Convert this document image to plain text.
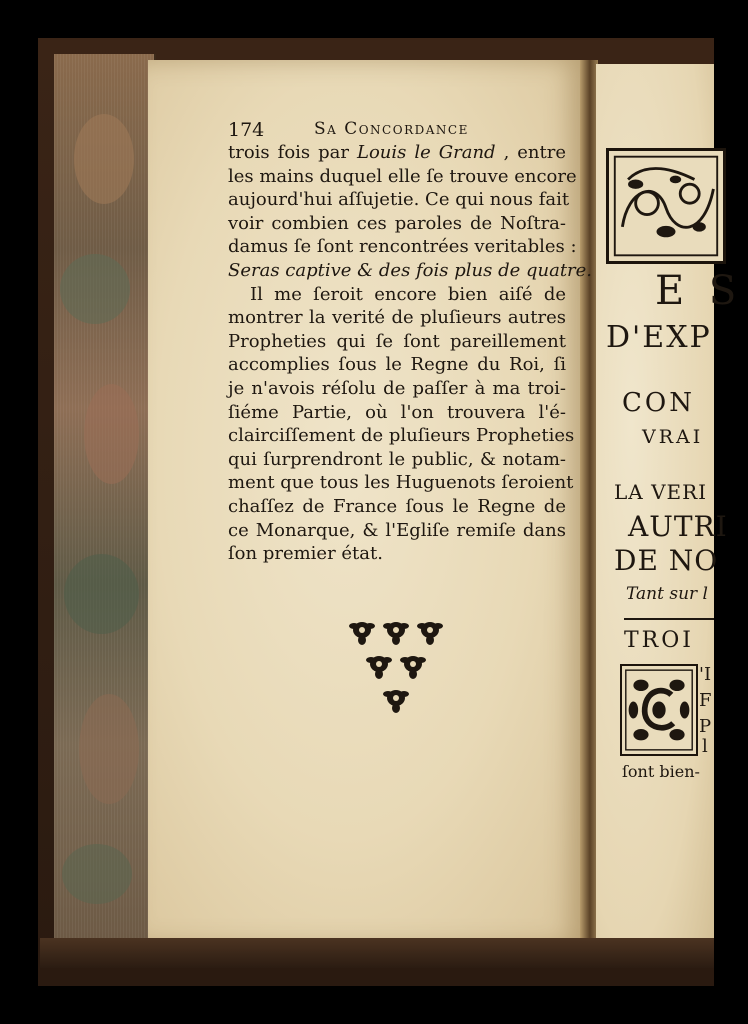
174	Sa Concordance
trois fois par Louis le Grand , entre
les mains duquel elle ſe trouve encore
aujourd'hui aſſujetie. Ce qui nous fait
voir combien ces paroles de Noſtra-
damus ſe ſont rencontrées veritables :
Seras captive & des fois plus de quatre.
Il me ſeroit encore bien aiſé de
montrer la verité de pluſieurs autres
Propheties qui ſe ſont pareillement
accomplies ſous le Regne du Roi, ſi
je n'avois réſolu de paſſer à ma troi-
ſiéme Partie, où l'on trouvera l'é-
clairciſſement de pluſieurs Propheties
qui ſurprendront le public, & notam-
ment que tous les Huguenots ſeroient
chaſſez de France ſous le Regne de
ce Monarque, & l'Egliſe remiſe dans
ſon premier état.
E S
D'EXP
CON
VRAI
LA VERI
AUTRI
DE NO
Tant sur l
TROI
'I
F
P
l
ſont bien-
